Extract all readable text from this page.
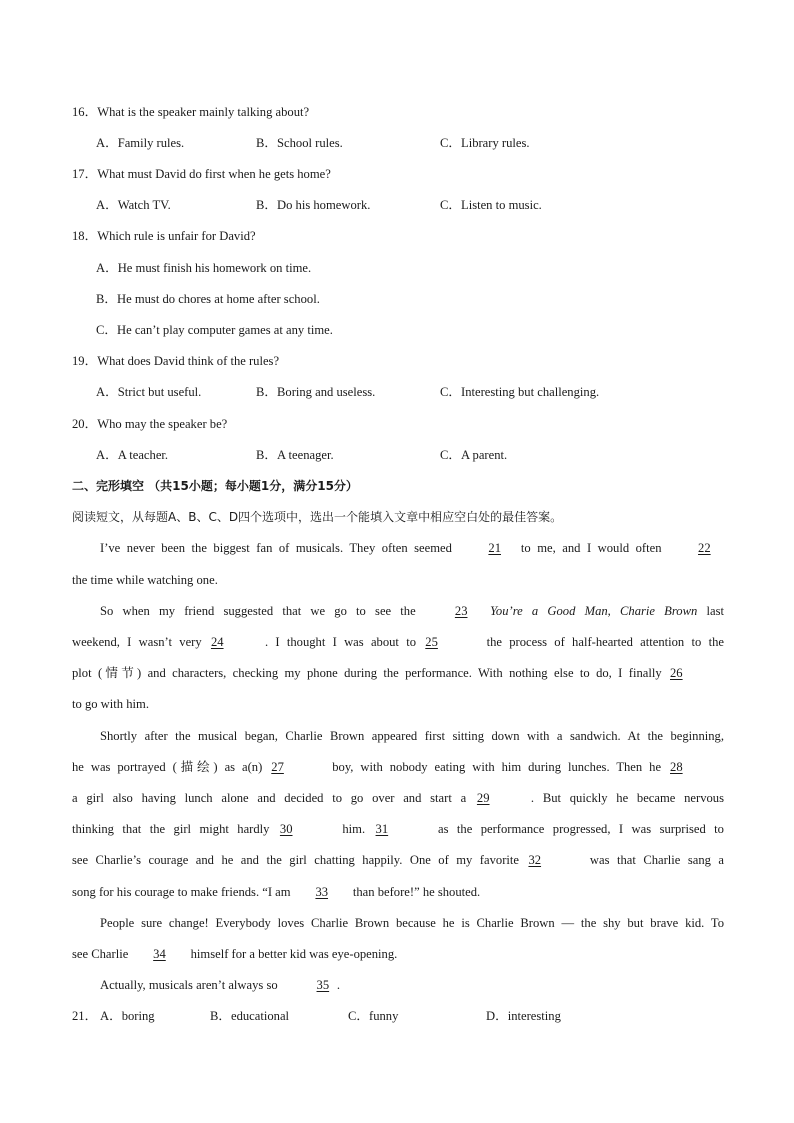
16．What is the speaker mainly talking about?
A．Family rules.	B．School rules.	C．Library rules.
17．What must David do first when he gets home?
A．Watch TV.	B．Do his homework.	C．Listen to music.
18．Which rule is unfair for David?
A．He must finish his homework on time.
B．He must do chores at home after school.
C．He can’t play computer games at any time.
19．What does David think of the rules?
A．Strict but useful.	B．Boring and useless.	C．Interesting but challenging.
20．Who may the speaker be?
A．A teacher.	B．A teenager.	C．A parent.
二、完形填空 （共15小题；每小题1分，满分15分）
阅读短文，从每题A、B、C、D四个选项中，选出一个能填入文章中相应空白处的最佳答案。
I’ve never been the biggest fan of musicals. They often seemed	21 to me, and I would often	22
the time while watching one.
So when my friend suggested that we go to see the	23 You’re a Good Man, Charie Brown last
weekend, I wasn’t very 24	. I thought I was about to 25	the process of half-hearted attention to the
plot (情节) and characters, checking my phone during the performance. With nothing else to do, I finally 26
to go with him.
Shortly after the musical began, Charlie Brown appeared first sitting down with a sandwich. At the beginning,
he was portrayed (描绘) as a(n) 27	boy, with nobody eating with him during lunches. Then he 28
a girl also having lunch alone and decided to go over and start a 29	. But quickly he became nervous
thinking that the girl might hardly 30	him. 31	as the performance progressed, I was surprised to
see Charlie’s courage and he and the girl chatting happily. One of my favorite 32	was that Charlie sang a
song for his courage to make friends. “I am 33 than before!” he shouted.
People sure change! Everybody loves Charlie Brown because he is Charlie Brown — the shy but brave kid. To
see Charlie 34 himself for a better kid was eye-opening.
Actually, musicals aren’t always so	35 .
21． A．boring	B．educational	C．funny	D．interesting
